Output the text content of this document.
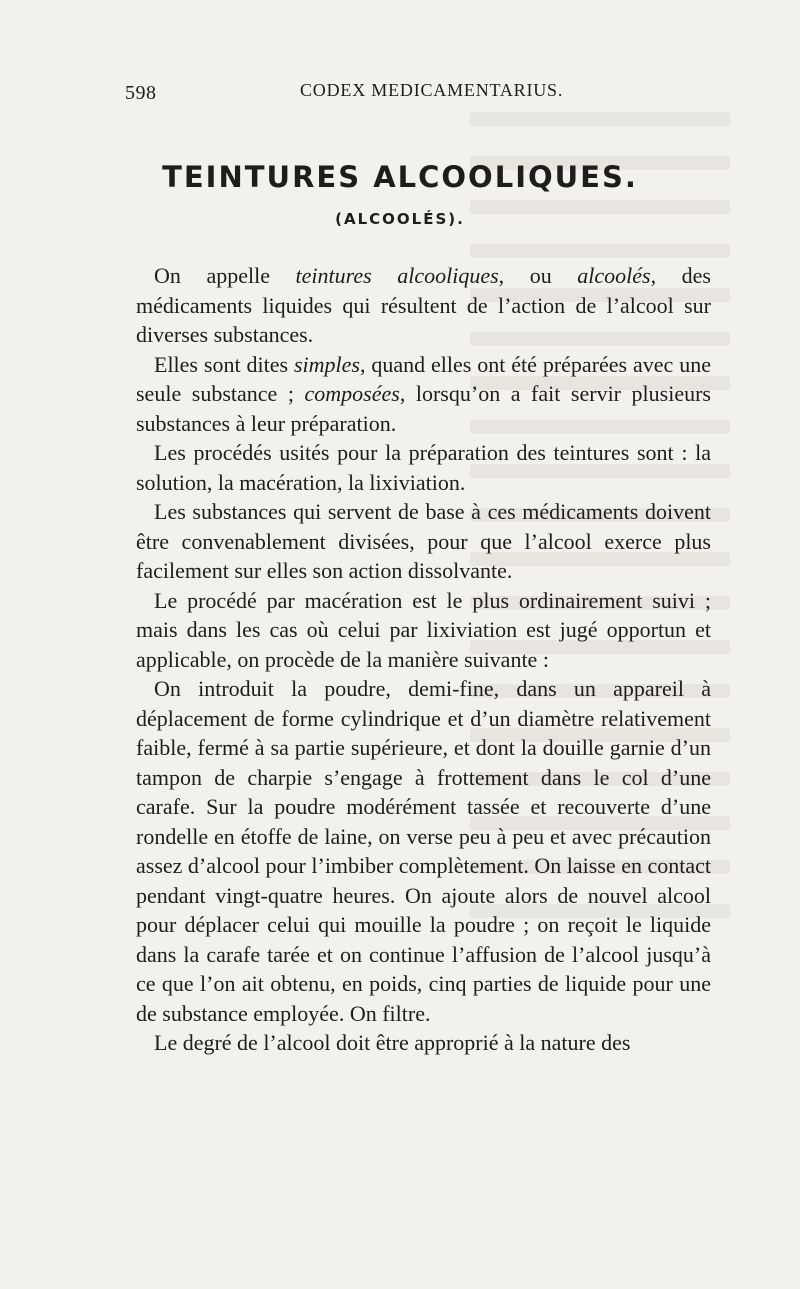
598	CODEX MEDICAMENTARIUS.
TEINTURES ALCOOLIQUES.
(ALCOOLÉS).

On appelle teintures alcooliques, ou alcoolés, des médicaments liquides qui résultent de l’action de l’alcool sur diverses substances.

Elles sont dites simples, quand elles ont été préparées avec une seule substance ; composées, lorsqu’on a fait servir plusieurs substances à leur préparation.

Les procédés usités pour la préparation des teintures sont : la solution, la macération, la lixiviation.

Les substances qui servent de base à ces médicaments doivent être convenablement divisées, pour que l’alcool exerce plus facilement sur elles son action dissolvante.

Le procédé par macération est le plus ordinairement suivi ; mais dans les cas où celui par lixiviation est jugé opportun et applicable, on procède de la manière suivante :

On introduit la poudre, demi-fine, dans un appareil à déplacement de forme cylindrique et d’un diamètre relativement faible, fermé à sa partie supérieure, et dont la douille garnie d’un tampon de charpie s’engage à frottement dans le col d’une carafe. Sur la poudre modérément tassée et recouverte d’une rondelle en étoffe de laine, on verse peu à peu et avec précaution assez d’alcool pour l’imbiber complètement. On laisse en contact pendant vingt-quatre heures. On ajoute alors de nouvel alcool pour déplacer celui qui mouille la poudre ; on reçoit le liquide dans la carafe tarée et on continue l’affusion de l’alcool jusqu’à ce que l’on ait obtenu, en poids, cinq parties de liquide pour une de substance employée. On filtre.

Le degré de l’alcool doit être approprié à la nature des
